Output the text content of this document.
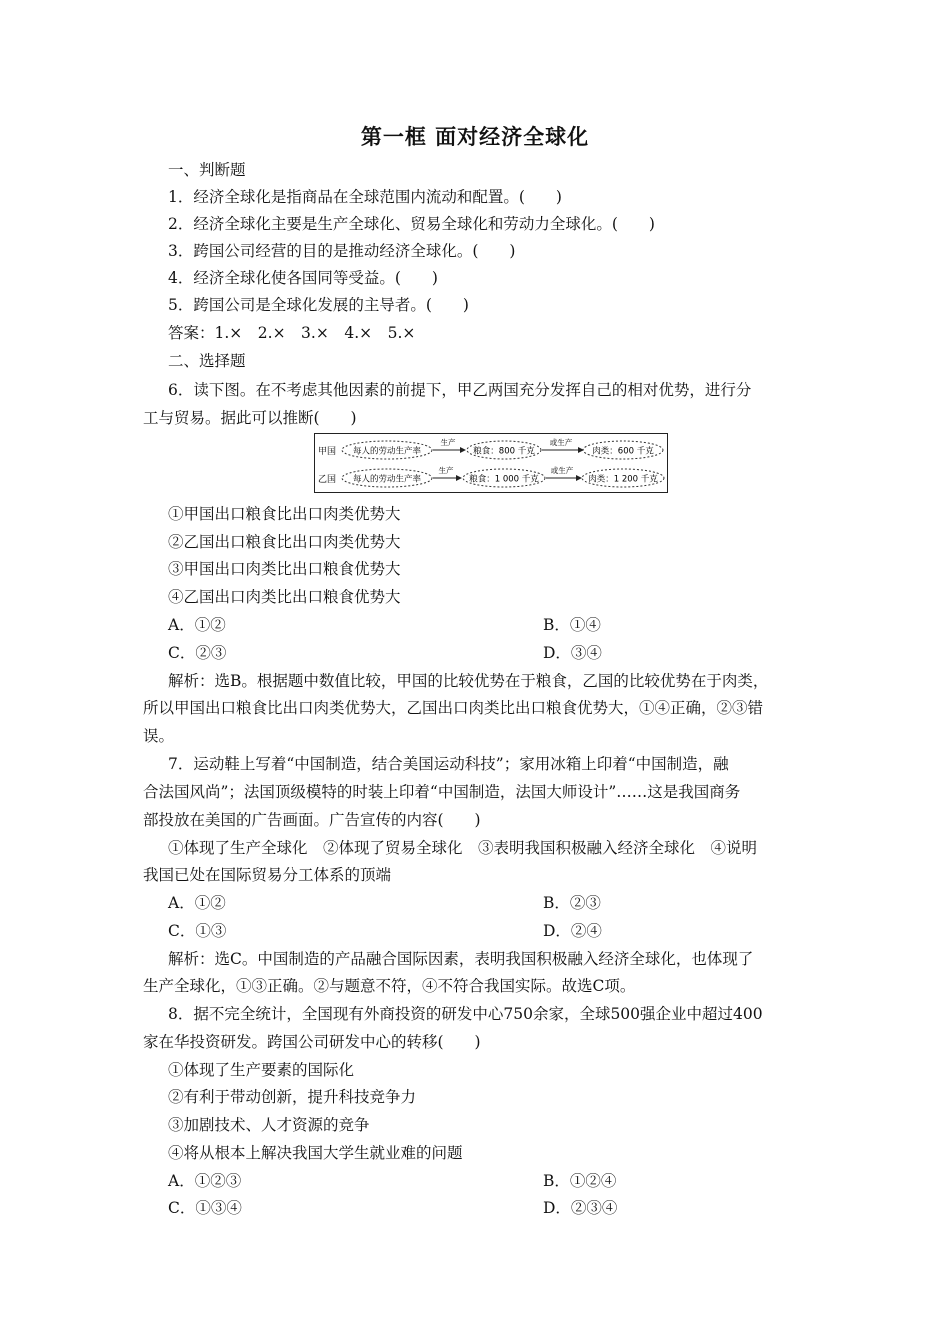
第一框 面对经济全球化
一、判断题
1．经济全球化是指商品在全球范围内流动和配置。(　　)
2．经济全球化主要是生产全球化、贸易全球化和劳动力全球化。(　　)
3．跨国公司经营的目的是推动经济全球化。(　　)
4．经济全球化使各国同等受益。(　　)
5．跨国公司是全球化发展的主导者。(　　)
答案：1.×　2.×　3.×　4.×　5.×
二、选择题
6．读下图。在不考虑其他因素的前提下，甲乙两国充分发挥自己的相对优势，进行分
工与贸易。据此可以推断(　　)
甲国 每人的劳动生产率
生产
粮食：800 千克
或生产
肉类：600 千克
乙国 每人的劳动生产率
生产
粮食：1 000 千克
或生产
肉类：1 200 千克
①甲国出口粮食比出口肉类优势大
②乙国出口粮食比出口肉类优势大
③甲国出口肉类比出口粮食优势大
④乙国出口肉类比出口粮食优势大
A．①②	B．①④
C．②③	D．③④
解析：选B。根据题中数值比较，甲国的比较优势在于粮食，乙国的比较优势在于肉类，
所以甲国出口粮食比出口肉类优势大，乙国出口肉类比出口粮食优势大，①④正确，②③错
误。
7．运动鞋上写着“中国制造，结合美国运动科技”；家用冰箱上印着“中国制造，融
合法国风尚”；法国顶级模特的时装上印着“中国制造，法国大师设计”……这是我国商务
部投放在美国的广告画面。广告宣传的内容(　　)
①体现了生产全球化　②体现了贸易全球化　③表明我国积极融入经济全球化　④说明
我国已处在国际贸易分工体系的顶端
A．①②	B．②③
C．①③	D．②④
解析：选C。中国制造的产品融合国际因素，表明我国积极融入经济全球化，也体现了
生产全球化，①③正确。②与题意不符，④不符合我国实际。故选C项。
8．据不完全统计，全国现有外商投资的研发中心750余家，全球500强企业中超过400
家在华投资研发。跨国公司研发中心的转移(　　)
①体现了生产要素的国际化
②有利于带动创新，提升科技竞争力
③加剧技术、人才资源的竞争
④将从根本上解决我国大学生就业难的问题
A．①②③	B．①②④
C．①③④	D．②③④
